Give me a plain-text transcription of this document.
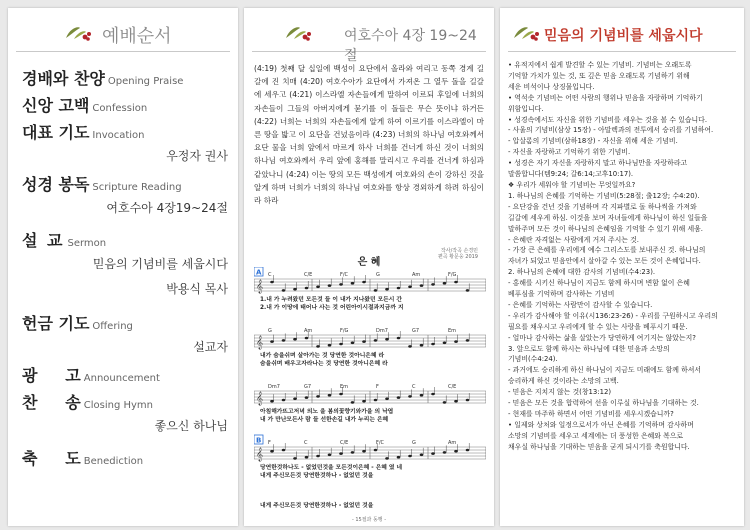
예배순서
경배와 찬양 Opening Praise
신앙 고백 Confession
대표 기도 Invocation
우정자 권사
성경 봉독 Scripture Reading
여호수아 4장19~24절
설 교 Sermon
믿음의 기념비를 세웁시다
박용식 목사
헌금 기도 Offering
설교자
광     고 Announcement
찬     송 Closing Hymn
좋으신 하나님
축     도 Benediction
여호수아 4장 19~24절
(4:19) 첫째 달 십일에 백성이 요단에서 올라와 여리고 동쪽 경계 길갈에 진 치매 (4:20) 여호수아가 요단에서 가져온 그 열두 돌을 길갈에 세우고 (4:21) 이스라엘 자손들에게 말하여 이르되 후일에 너희의 자손들이 그들의 아버지에게 묻기를 이 돌들은 무슨 뜻이냐 하거든 (4:22) 너희는 너희의 자손들에게 알게 하여 이르기를 이스라엘이 마른 땅을 밟고 이 요단을 건넜음이라 (4:23) 너희의 하나님 여호와께서 요단 물을 너희 앞에서 마르게 하사 너희를 건너게 하신 것이 너희의 하나님 여호와께서 우리 앞에 홍해를 말리시고 우리를 건너게 하심과 같았나니 (4:24) 이는 땅의 모든 백성에게 여호와의 손이 강하신 것을 알게 하며 너희가 너희의 하나님 여호와를 항상 경외하게 하려 하심이라 하라
작사/작곡 손경민
편곡 황문웅 2019
은 혜
C	C/E	F/C	G	Am	F/G
𝄞
1.내 가 누려왔던 모든것 들 이 내가 지나왔던 모든시 간
2.내 가 이땅에 태어나 사는 것 어린아이시절과지금까 지
G	Am	F/G	Dm7	G7	Em
𝄞
내가 숨을쉬며 살아가는 것 당연한 것아니은혜 라
숨을쉬며 배우고자라나는 것 당연한 것아니은혜 라
Dm7	G7	Em	F	C	C/E
𝄞
아침해가뜨고저녁 의노 을 봄의꽃향기와가을 의 낙엽
내 가 만난모든사 람 들 선한손길 내가 누리는 은혜
F	C	C/E	F/C	G	Am
𝄞
당연한것하나도 - 없었던것을 모든것이은혜 - 은혜 였 네
내게 주신모든것 당연한것하나 - 없었던 것을
A
B
내게 주신모든것 당연한것하나 - 없었던 것을
- 15절과 동행 -
믿음의 기념비를 세웁시다
• 유적지에서 쉽게 발견할 수 있는 기념비. 기념비는 오래도록
기억할 가치가 있는 것, 또 깊은 믿음 오래도록 기념하기 위해
세운 비석이나 상징물입니다.
• 역석솟 기념비는 어떤 사람의 행위나 믿음을 자랑하며 기억하기
위함입니다.
• 성경속에서도 자신을 위한 기념비를 세우는 것을 볼 수 있습니다.
- 사울의 기념비(삼상 15장) - 아말렉과의 전투에서 승리를 기념하여.
- 압살롬의 기념비(삼하18장) - 자신을 위해 세운 기념비.
- 자신을 자랑하고 기억하기 위한 기념비.
• 성경은 자기 자신을 자랑하지 말고 하나님만을 자랑하라고
말씀합니다(템9:24; 갈6:14;고후10:17).
❖ 우리가 세워야 할 기념비는 무엇일까요?
1. 하나님의 은혜를 기억하는 기념비(5:28절; 출12장; 수4:20).
- 요단강을 건넌 것을 기념하며 각 지파별로 돌 하나씩을 가져와
길갈에 세우게 하심. 이것을 보며 자녀들에게 하나님이 하신 일들을
말하주며 모든 것이 하나님의 은혜임을 기억할 수 있기 위해 세움.
- 은혜란 자격없는 사람에게 거저 주시는 것.
- 가장 큰 은혜를 우리에게 예수 그리스도를 보내주신 것. 하나님의
자녀가 되었고 믿음안에서 살아갈 수 있는 모든 것이 은혜입니다.
2. 하나님의 은혜에 대한 감사의 기념비(수4:23).
- 홍해를 시키신 하나님이 지금도 함께 하시며 변함 없이 은혜
베푸심을 기억하며 감사하는 기념비
- 은혜를 기억하는 사람만이 감사할 수 있습니다.
- 우리가 감사해야 할 이유(시136:23-26) - 우리를 구원하시고 우리의
필요를 채우시고 우리에게 할 수 있는 사랑을 베푸시기 때문.
- 얼마나 감사하는 삶을 살았는가 당연하게 여기지는 않았는지?
3. 앞으로도 함께 하시는 하나님에 대한 믿음과 소망의
기념비(수4:24).
- 과거에도 승리하게 하신 하나님이 지금도 미래에도 함께 하셔서
승리하게 하신 것이라는 소망의 고백.
- 믿음은 지치지 않는 것(창13:12)
- 믿음은 모든 것을 합력하여 선을 이루실 하나님을 기대하는 것.
- 현재를 마주하 하면서 어떤 기념비를 세우시겠습니까?
• 일제와 상처와 일정으로서가 아닌 은혜를 기억하며 감사하며
소망의 기념비를 세우고 세계에는 더 풍성한 은혜와 복으로
채우실 하나님을 기대하는 믿음을 굳게 되시기를 축원합니다.
